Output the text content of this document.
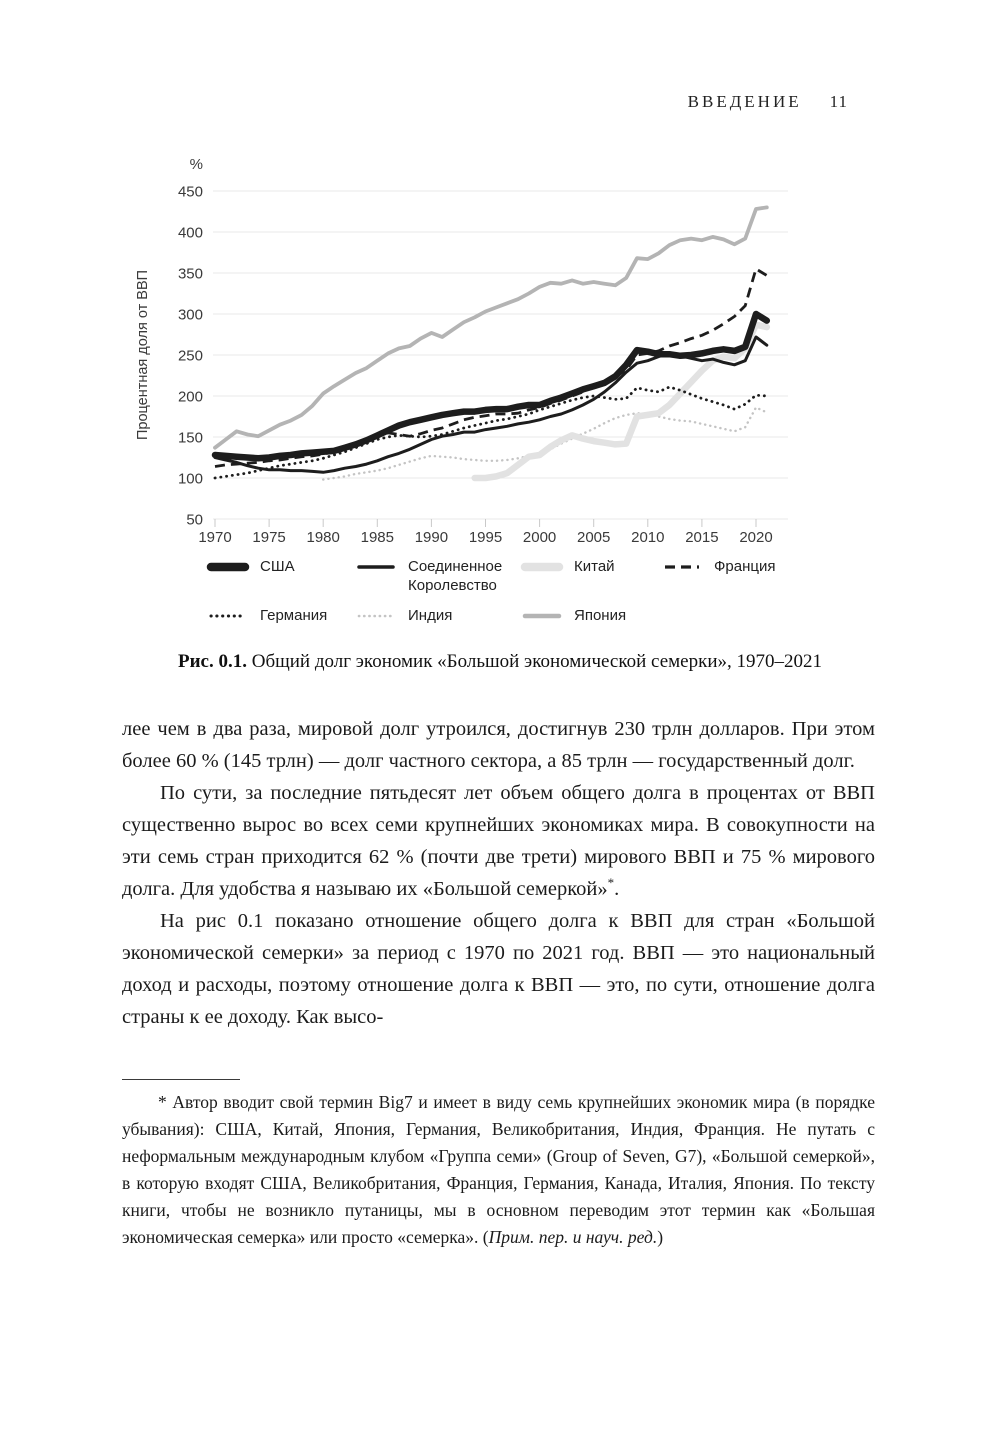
ВВЕДЕНИЕ 11
50
100
150
200
250
300
350
400
450
%
1970 1975 1980 1985 1990 1995 2000 2005 2010 2015 2020
Процентная доля от ВВП
США	Соединенное Королевство
Китай	Франция
Германия	Индия	Япония
Рис. 0.1. Общий долг экономик «Большой экономической семерки», 1970–2021

лее чем в два раза, мировой долг утроился, достигнув 230 трлн долларов. При этом более 60 % (145 трлн) — долг частного сектора, а 85 трлн — государственный долг.

По сути, за последние пятьдесят лет объем общего долга в процентах от ВВП существенно вырос во всех семи крупнейших экономиках мира. В совокупности на эти семь стран приходится 62 % (почти две трети) мирового ВВП и 75 % мирового долга. Для удобства я называю их «Большой семеркой»*.

На рис 0.1 показано отношение общего долга к ВВП для стран «Большой экономической семерки» за период с 1970 по 2021 год. ВВП — это национальный доход и расходы, поэтому отношение долга к ВВП — это, по сути, отношение долга страны к ее доходу. Как высо-

* Автор вводит свой термин Big7 и имеет в виду семь крупнейших экономик мира (в порядке убывания): США, Китай, Япония, Германия, Великобритания, Индия, Франция. Не путать с неформальным международным клубом «Группа семи» (Group of Seven, G7), «Большой семеркой», в которую входят США, Великобритания, Франция, Германия, Канада, Италия, Япония. По тексту книги, чтобы не возникло путаницы, мы в основном переводим этот термин как «Большая экономическая семерка» или просто «семерка». (Прим. пер. и науч. ред.)
